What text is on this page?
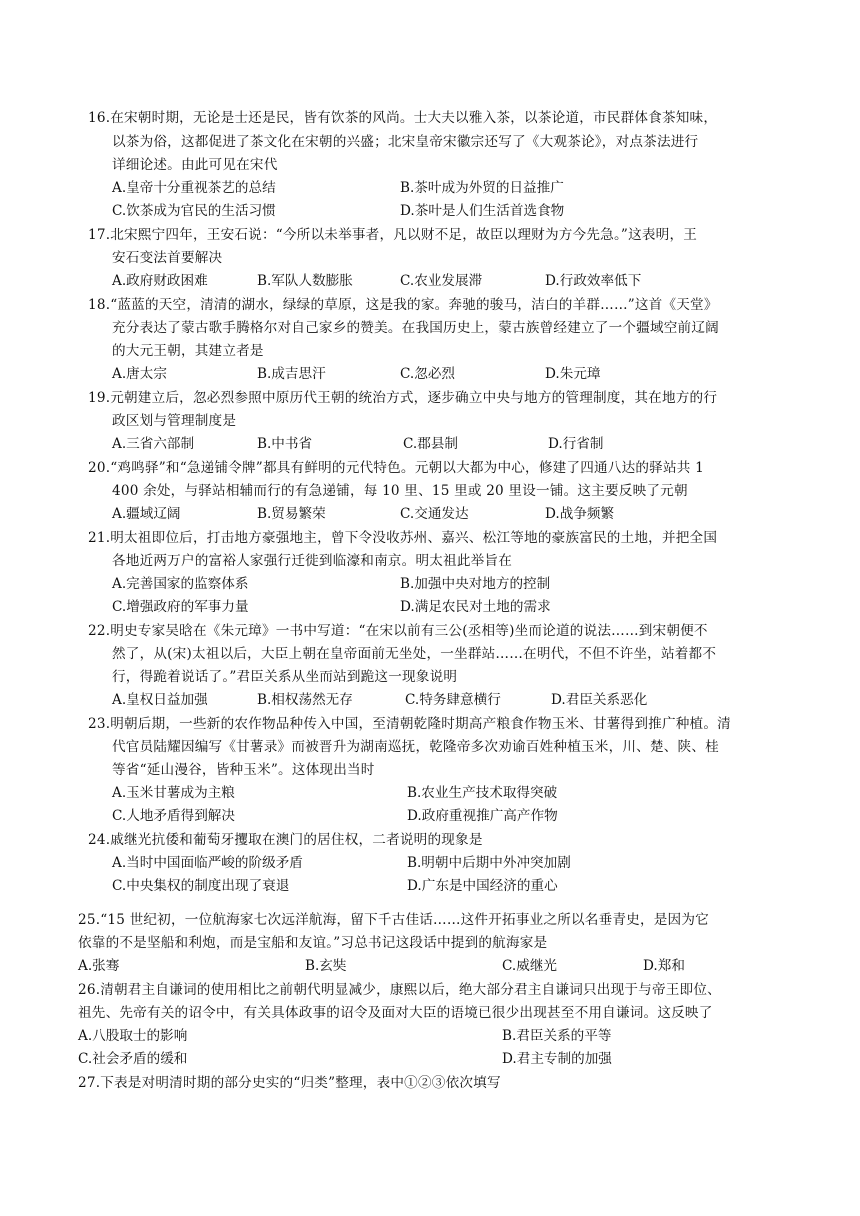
16.在宋朝时期，无论是士还是民，皆有饮茶的风尚。士大夫以雅入茶，以茶论道，市民群体食茶知味，
以茶为俗，这都促进了茶文化在宋朝的兴盛；北宋皇帝宋徽宗还写了《大观茶论》，对点茶法进行
详细论述。由此可见在宋代
A.皇帝十分重视茶艺的总结	B.茶叶成为外贸的日益推广
C.饮茶成为官民的生活习惯	D.茶叶是人们生活首选食物
17.北宋熙宁四年，王安石说：“今所以未举事者，凡以财不足，故臣以理财为方今先急。”这表明，王
安石变法首要解决
A.政府财政困难	B.军队人数膨胀	C.农业发展滞	D.行政效率低下
18.“蓝蓝的天空，清清的湖水，绿绿的草原，这是我的家。奔驰的骏马，洁白的羊群……”这首《天堂》
充分表达了蒙古歌手腾格尔对自己家乡的赞美。在我国历史上，蒙古族曾经建立了一个疆域空前辽阔
的大元王朝，其建立者是
A.唐太宗	B.成吉思汗	C.忽必烈	D.朱元璋
19.元朝建立后，忽必烈参照中原历代王朝的统治方式，逐步确立中央与地方的管理制度，其在地方的行
政区划与管理制度是
A.三省六部制	B.中书省	C.郡县制	D.行省制
20.“鸡鸣驿”和“急递铺令牌”都具有鲜明的元代特色。元朝以大都为中心，修建了四通八达的驿站共 1
400 余处，与驿站相辅而行的有急递铺，每 10 里、15 里或 20 里设一铺。这主要反映了元朝
A.疆域辽阔	B.贸易繁荣	C.交通发达	D.战争频繁
21.明太祖即位后，打击地方豪强地主，曾下令没收苏州、嘉兴、松江等地的豪族富民的土地，并把全国
各地近两万户的富裕人家强行迁徙到临濠和南京。明太祖此举旨在
A.完善国家的监察体系	B.加强中央对地方的控制
C.增强政府的军事力量	D.满足农民对土地的需求
22.明史专家吴晗在《朱元璋》一书中写道：“在宋以前有三公(丞相等)坐而论道的说法……到宋朝便不
然了，从(宋)太祖以后，大臣上朝在皇帝面前无坐处，一坐群站……在明代，不但不许坐，站着都不
行，得跪着说话了。”君臣关系从坐而站到跪这一现象说明
A.皇权日益加强	B.相权荡然无存	C.特务肆意横行	D.君臣关系恶化
23.明朝后期，一些新的农作物品种传入中国，至清朝乾隆时期高产粮食作物玉米、甘薯得到推广种植。清
代官员陆耀因编写《甘薯录》而被晋升为湖南巡抚，乾隆帝多次劝谕百姓种植玉米，川、楚、陕、桂
等省“延山漫谷，皆种玉米”。这体现出当时
A.玉米甘薯成为主粮	B.农业生产技术取得突破
C.人地矛盾得到解决	D.政府重视推广高产作物
24.戚继光抗倭和葡萄牙攫取在澳门的居住权，二者说明的现象是
A.当时中国面临严峻的阶级矛盾	B.明朝中后期中外冲突加剧
C.中央集权的制度出现了衰退	D.广东是中国经济的重心
25.“15 世纪初，一位航海家七次远洋航海，留下千古佳话……这件开拓事业之所以名垂青史，是因为它
依靠的不是坚船和利炮，而是宝船和友谊。”习总书记这段话中提到的航海家是
A.张骞	B.玄奘	C.威继光	D.郑和
26.清朝君主自谦词的使用相比之前朝代明显减少，康熙以后，绝大部分君主自谦词只出现于与帝王即位、
祖先、先帝有关的诏令中，有关具体政事的诏令及面对大臣的语境已很少出现甚至不用自谦词。这反映了
A.八股取士的影响	B.君臣关系的平等
C.社会矛盾的缓和	D.君主专制的加强
27.下表是对明清时期的部分史实的“归类”整理，表中①②③依次填写
